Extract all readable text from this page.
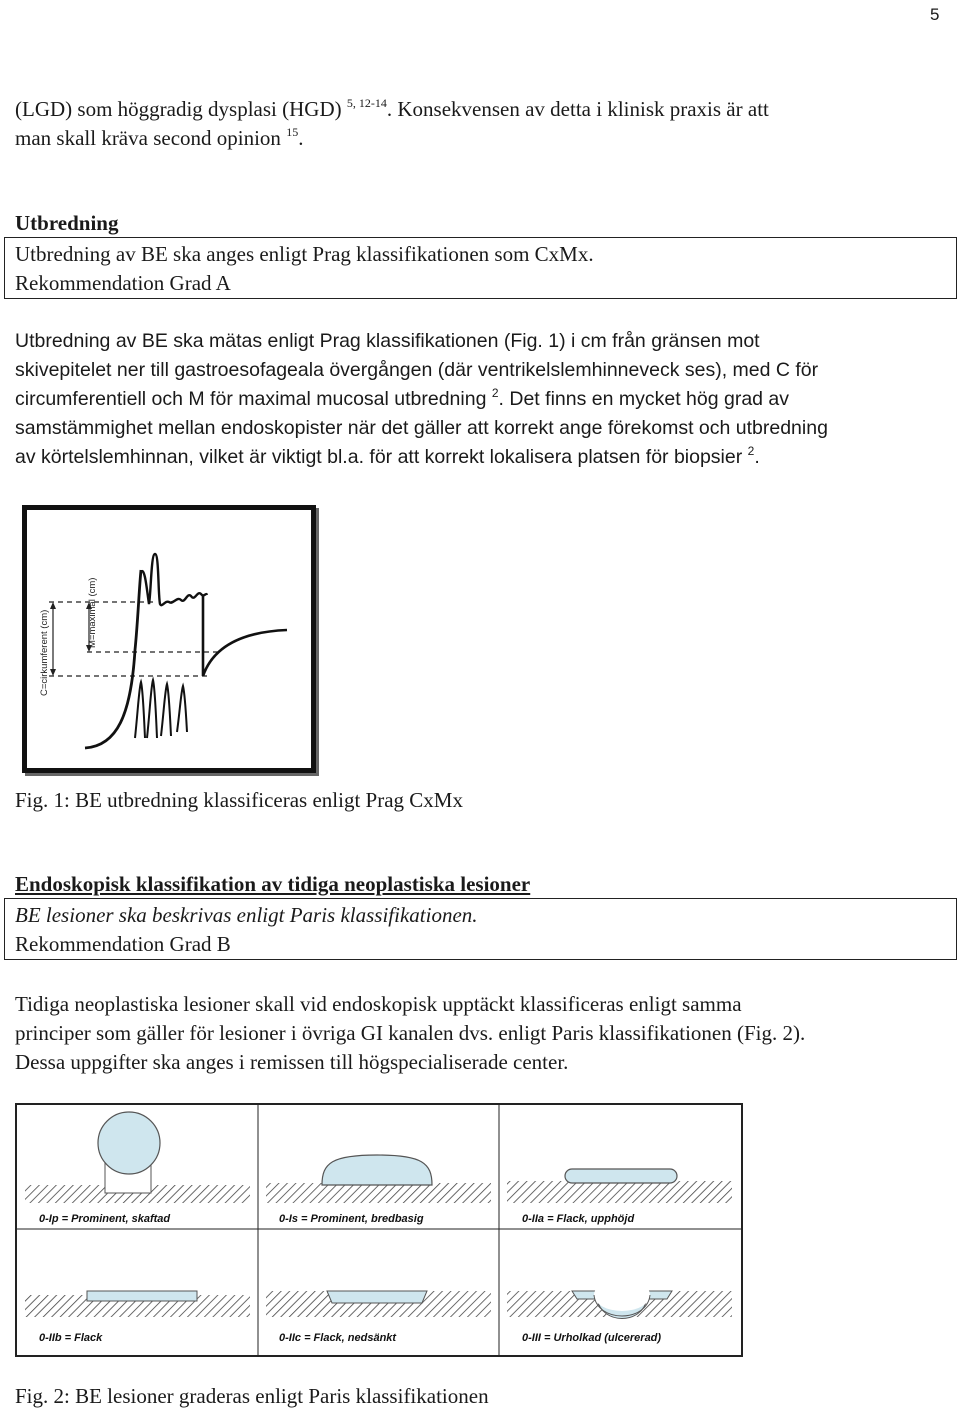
5
(LGD) som höggradig dysplasi (HGD) $^{5, 12-14}$. Konsekvensen av detta i klinisk praxis är att
man skall kräva second opinion $^{15}$.
Utbredning
Utbredning av BE ska anges enligt Prag klassifikationen som CxMx.
Rekommendation Grad A
Utbredning av BE ska mätas enligt Prag klassifikationen (Fig. 1) i cm från gränsen mot
skivepitelet ner till gastroesofageala övergången (där ventrikelslemhinneveck ses), med C för
circumferentiell och M för maximal mucosal utbredning $^2$. Det finns en mycket hög grad av
samstämmighet mellan endoskopister när det gäller att korrekt ange förekomst och utbredning
av körtelslemhinnan, vilket är viktigt bl.a. för att korrekt lokalisera platsen för biopsier $^2$.
C=cirkumferent (cm)	M=maximal (cm)
Fig. 1: BE utbredning klassificeras enligt Prag CxMx
Endoskopisk klassifikation av tidiga neoplastiska lesioner
BE lesioner ska beskrivas enligt Paris klassifikationen.
Rekommendation Grad B
Tidiga neoplastiska lesioner skall vid endoskopisk upptäckt klassificeras enligt samma
principer som gäller för lesioner i övriga GI kanalen dvs. enligt Paris klassifikationen (Fig. 2).
Dessa uppgifter ska anges i remissen till högspecialiserade center.
0-Ip = Prominent, skaftad	0-Is = Prominent, bredbasig	0-IIa = Flack, upphöjd
0-IIb = Flack	0-IIc = Flack, nedsänkt	0-III = Urholkad (ulcererad)
Fig. 2: BE lesioner graderas enligt Paris klassifikationen
